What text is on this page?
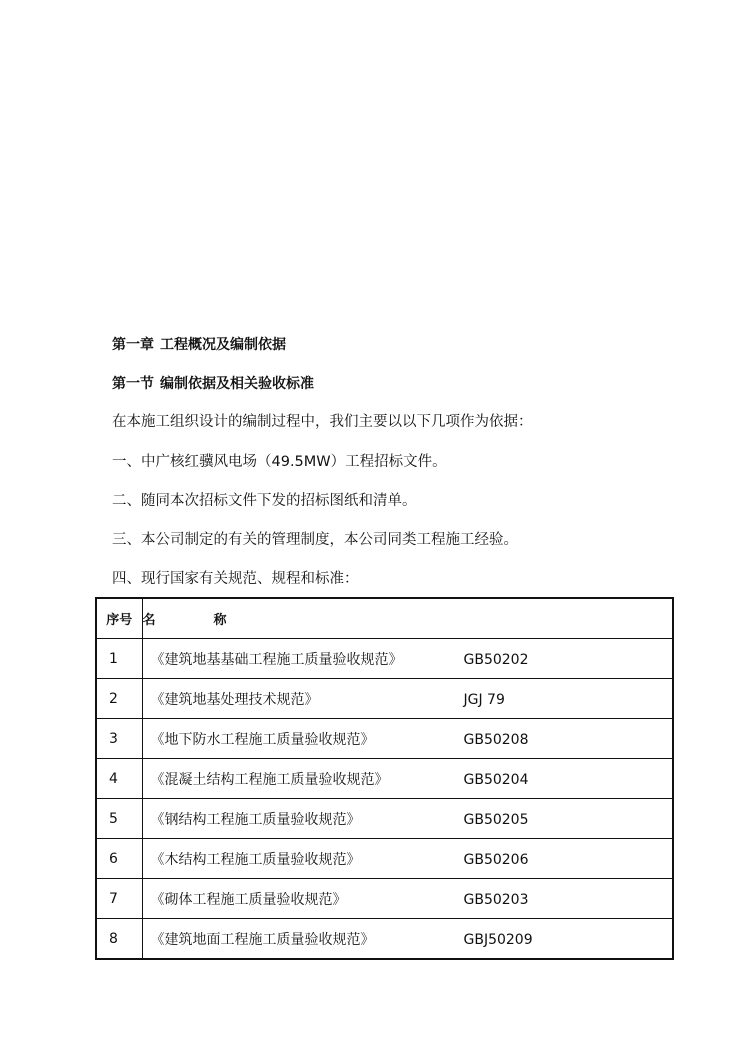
第一章 工程概况及编制依据
第一节 编制依据及相关验收标准
在本施工组织设计的编制过程中，我们主要以以下几项作为依据：
一、中广核红骥风电场（49.5MW）工程招标文件。
二、随同本次招标文件下发的招标图纸和清单。
三、本公司制定的有关的管理制度，本公司同类工程施工经验。
四、现行国家有关规范、规程和标准：
序号	名 称
1	《建筑地基基础工程施工质量验收规范》 GB50202
2	《建筑地基处理技术规范》 JGJ 79
3	《地下防水工程施工质量验收规范》 GB50208
4	《混凝土结构工程施工质量验收规范》 GB50204
5	《钢结构工程施工质量验收规范》 GB50205
6	《木结构工程施工质量验收规范》 GB50206
7	《砌体工程施工质量验收规范》 GB50203
8	《建筑地面工程施工质量验收规范》 GBJ50209
